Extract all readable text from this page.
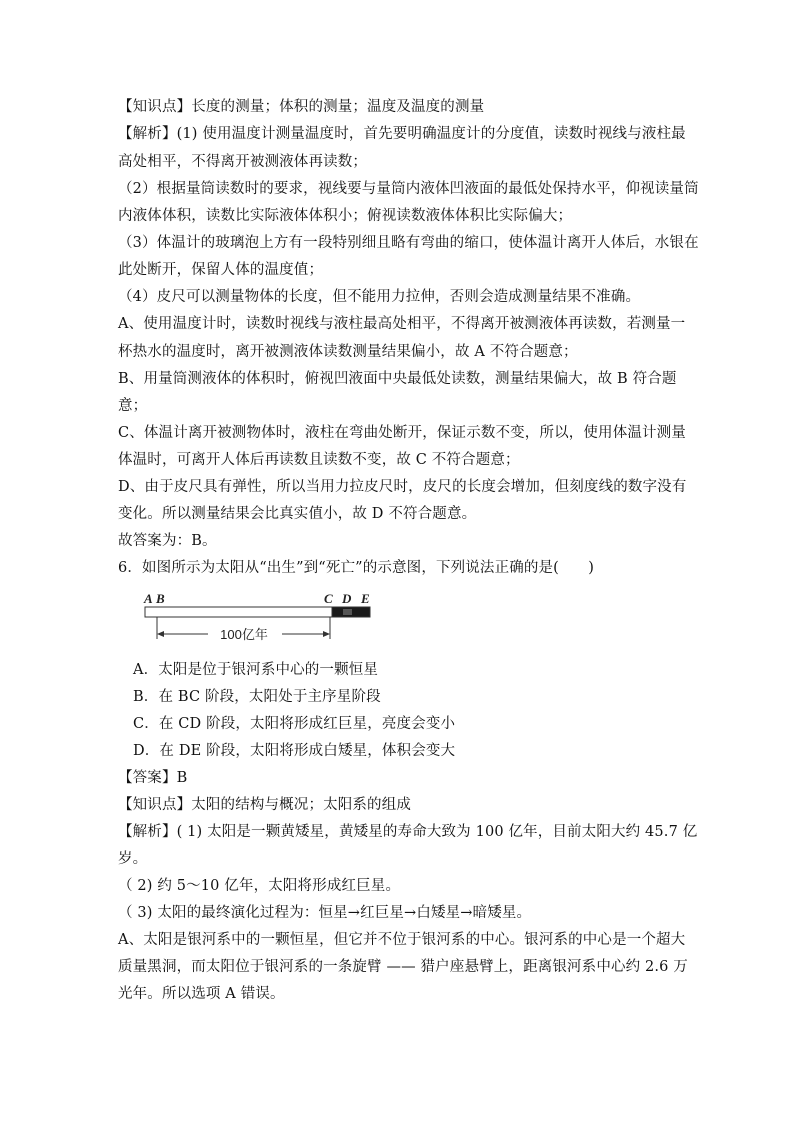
【知识点】长度的测量；体积的测量；温度及温度的测量
【解析】(1) 使用温度计测量温度时，首先要明确温度计的分度值，读数时视线与液柱最
高处相平，不得离开被测液体再读数；
（2）根据量筒读数时的要求，视线要与量筒内液体凹液面的最低处保持水平，仰视读量筒
内液体体积，读数比实际液体体积小；俯视读数液体体积比实际偏大；
（3）体温计的玻璃泡上方有一段特别细且略有弯曲的缩口，使体温计离开人体后，水银在
此处断开，保留人体的温度值；
（4）皮尺可以测量物体的长度，但不能用力拉伸，否则会造成测量结果不准确。
A、使用温度计时，读数时视线与液柱最高处相平，不得离开被测液体再读数，若测量一
杯热水的温度时，离开被测液体读数测量结果偏小，故 A 不符合题意；
B、用量筒测液体的体积时，俯视凹液面中央最低处读数，测量结果偏大，故 B 符合题
意；
C、体温计离开被测物体时，液柱在弯曲处断开，保证示数不变，所以，使用体温计测量
体温时，可离开人体后再读数且读数不变，故 C 不符合题意；
D、由于皮尺具有弹性，所以当用力拉皮尺时，皮尺的长度会增加，但刻度线的数字没有
变化。所以测量结果会比真实值小，故 D 不符合题意。
故答案为：B。
6．如图所示为太阳从“出生”到“死亡”的示意图，下列说法正确的是(　　)
A B	C D E
100亿年
A．太阳是位于银河系中心的一颗恒星
B．在 BC 阶段，太阳处于主序星阶段
C．在 CD 阶段，太阳将形成红巨星，亮度会变小
D．在 DE 阶段，太阳将形成白矮星，体积会变大
【答案】B
【知识点】太阳的结构与概况；太阳系的组成
【解析】( 1) 太阳是一颗黄矮星，黄矮星的寿命大致为 100 亿年，目前太阳大约 45.7 亿
岁。
（ 2) 约 5～10 亿年，太阳将形成红巨星。
（ 3) 太阳的最终演化过程为：恒星→红巨星→白矮星→暗矮星。
A、太阳是银河系中的一颗恒星，但它并不位于银河系的中心。银河系的中心是一个超大
质量黑洞，而太阳位于银河系的一条旋臂 —— 猎户座悬臂上，距离银河系中心约 2.6 万
光年。所以选项 A 错误。
